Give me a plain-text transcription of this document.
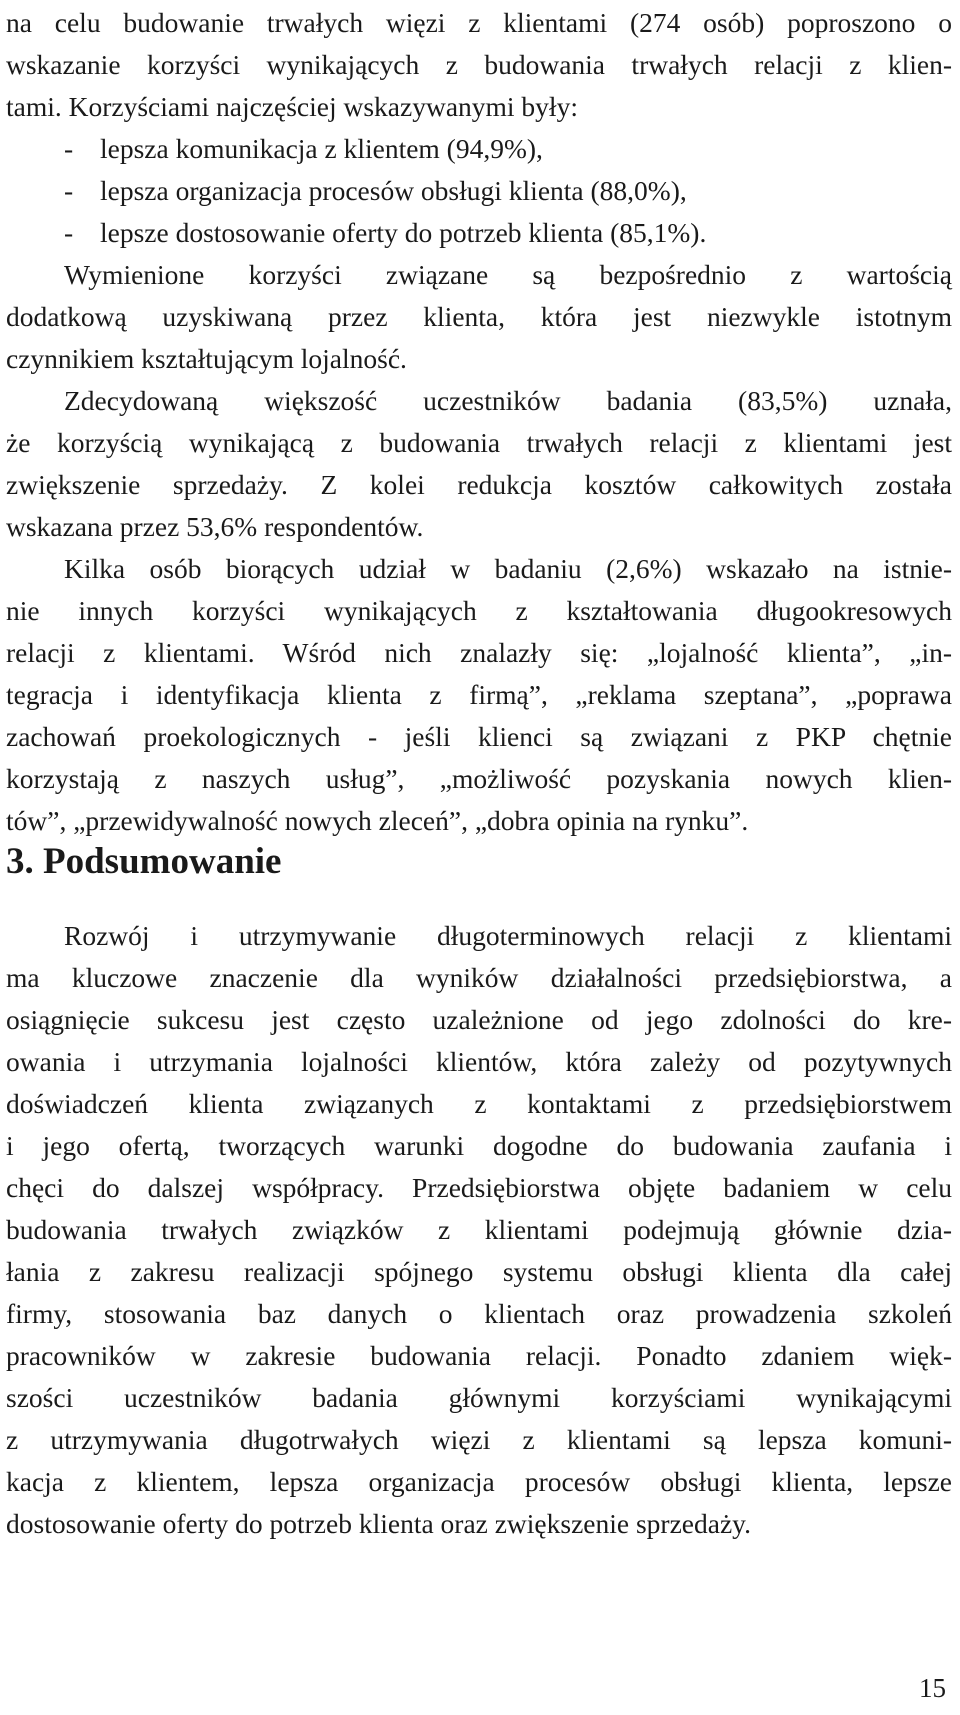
na celu budowanie trwałych więzi z klientami (274 osób) poproszono o
wskazanie korzyści wynikających z budowania trwałych relacji z klien-
tami. Korzyściami najczęściej wskazywanymi były:

- lepsza komunikacja z klientem (94,9%),
- lepsza organizacja procesów obsługi klienta (88,0%),
- lepsze dostosowanie oferty do potrzeb klienta (85,1%).

Wymienione korzyści związane są bezpośrednio z wartością
dodatkową uzyskiwaną przez klienta, która jest niezwykle istotnym
czynnikiem kształtującym lojalność.

Zdecydowaną większość uczestników badania (83,5%) uznała,
że korzyścią wynikającą z budowania trwałych relacji z klientami jest
zwiększenie sprzedaży. Z kolei redukcja kosztów całkowitych została
wskazana przez 53,6% respondentów.

Kilka osób biorących udział w badaniu (2,6%) wskazało na istnie-
nie innych korzyści wynikających z kształtowania długookresowych
relacji z klientami. Wśród nich znalazły się: „lojalność klienta”, „in-
tegracja i identyfikacja klienta z firmą”, „reklama szeptana”, „poprawa
zachowań proekologicznych - jeśli klienci są związani z PKP chętnie
korzystają z naszych usług”, „możliwość pozyskania nowych klien-
tów”, „przewidywalność nowych zleceń”, „dobra opinia na rynku”.

3. Podsumowanie

Rozwój i utrzymywanie długoterminowych relacji z klientami
ma kluczowe znaczenie dla wyników działalności przedsiębiorstwa, a
osiągnięcie sukcesu jest często uzależnione od jego zdolności do kre-
owania i utrzymania lojalności klientów, która zależy od pozytywnych
doświadczeń klienta związanych z kontaktami z przedsiębiorstwem
i jego ofertą, tworzących warunki dogodne do budowania zaufania i
chęci do dalszej współpracy. Przedsiębiorstwa objęte badaniem w celu
budowania trwałych związków z klientami podejmują głównie dzia-
łania z zakresu realizacji spójnego systemu obsługi klienta dla całej
firmy, stosowania baz danych o klientach oraz prowadzenia szkoleń
pracowników w zakresie budowania relacji. Ponadto zdaniem więk-
szości uczestników badania głównymi korzyściami wynikającymi
z utrzymywania długotrwałych więzi z klientami są lepsza komuni-
kacja z klientem, lepsza organizacja procesów obsługi klienta, lepsze
dostosowanie oferty do potrzeb klienta oraz zwiększenie sprzedaży.

15
